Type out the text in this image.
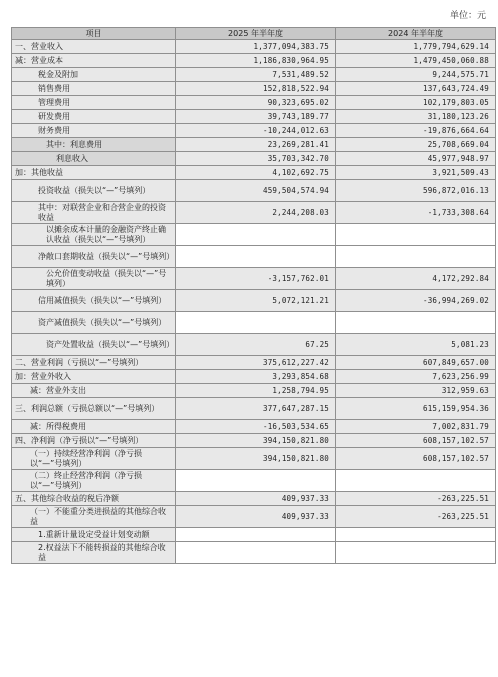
单位：元
项目	2025 年半年度	2024 年半年度
一、营业收入	1,377,094,383.75	1,779,794,629.14
减：营业成本	1,186,830,964.95	1,479,450,060.88
税金及附加	7,531,489.52	9,244,575.71
销售费用	152,818,522.94	137,643,724.49
管理费用	90,323,695.02	102,179,803.05
研发费用	39,743,189.77	31,180,123.26
财务费用	-10,244,012.63	-19,876,664.64
其中：利息费用	23,269,281.41	25,708,669.04
利息收入	35,703,342.70	45,977,948.97
加：其他收益	4,102,692.75	3,921,509.43
投资收益（损失以“—”号填列）	459,504,574.94	596,872,016.13
其中：对联营企业和合营企业的投资收益	2,244,208.03	-1,733,308.64
以摊余成本计量的金融资产终止确认收益（损失以“—”号填列）		
净敞口套期收益（损失以“—”号填列）		
公允价值变动收益（损失以“—”号填列）	-3,157,762.01	4,172,292.84
信用减值损失（损失以“—”号填列）	5,072,121.21	-36,994,269.02
资产减值损失（损失以“—”号填列）		
资产处置收益（损失以“—”号填列）	67.25	5,081.23
二、营业利润（亏损以“—”号填列）	375,612,227.42	607,849,657.00
加：营业外收入	3,293,854.68	7,623,256.99
减：营业外支出	1,258,794.95	312,959.63
三、利润总额（亏损总额以“—”号填列）	377,647,287.15	615,159,954.36
减：所得税费用	-16,503,534.65	7,002,831.79
四、净利润（净亏损以“—”号填列）	394,150,821.80	608,157,102.57
（一）持续经营净利润（净亏损以“—”号填列）	394,150,821.80	608,157,102.57
（二）终止经营净利润（净亏损以“—”号填列）		
五、其他综合收益的税后净额	409,937.33	-263,225.51
（一）不能重分类进损益的其他综合收益	409,937.33	-263,225.51
1.重新计量设定受益计划变动额		
2.权益法下不能转损益的其他综合收益		
